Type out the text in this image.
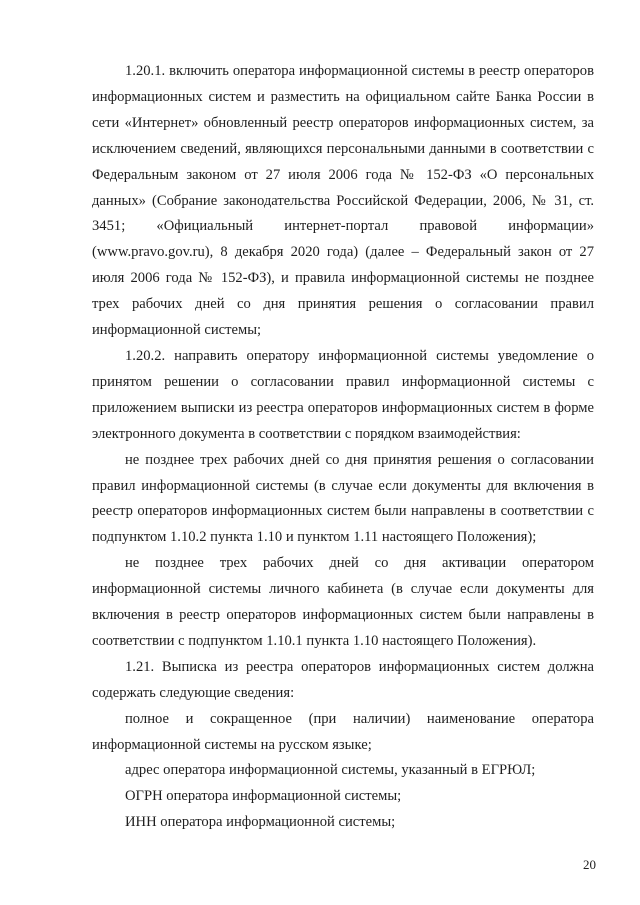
1.20.1. включить оператора информационной системы в реестр операторов информационных систем и разместить на официальном сайте Банка России в сети «Интернет» обновленный реестр операторов информационных систем, за исключением сведений, являющихся персональными данными в соответствии с Федеральным законом от 27 июля 2006 года № 152-ФЗ «О персональных данных» (Собрание законодательства Российской Федерации, 2006, № 31, ст. 3451; «Официальный интернет-портал правовой информации» (www.pravo.gov.ru), 8 декабря 2020 года) (далее – Федеральный закон от 27 июля 2006 года № 152-ФЗ), и правила информационной системы не позднее трех рабочих дней со дня принятия решения о согласовании правил информационной системы;

1.20.2. направить оператору информационной системы уведомление о принятом решении о согласовании правил информационной системы с приложением выписки из реестра операторов информационных систем в форме электронного документа в соответствии с порядком взаимодействия:

не позднее трех рабочих дней со дня принятия решения о согласовании правил информационной системы (в случае если документы для включения в реестр операторов информационных систем были направлены в соответствии с подпунктом 1.10.2 пункта 1.10 и пунктом 1.11 настоящего Положения);

не позднее трех рабочих дней со дня активации оператором информационной системы личного кабинета (в случае если документы для включения в реестр операторов информационных систем были направлены в соответствии с подпунктом 1.10.1 пункта 1.10 настоящего Положения).

1.21. Выписка из реестра операторов информационных систем должна содержать следующие сведения:

полное и сокращенное (при наличии) наименование оператора информационной системы на русском языке;

адрес оператора информационной системы, указанный в ЕГРЮЛ;

ОГРН оператора информационной системы;

ИНН оператора информационной системы;

20
